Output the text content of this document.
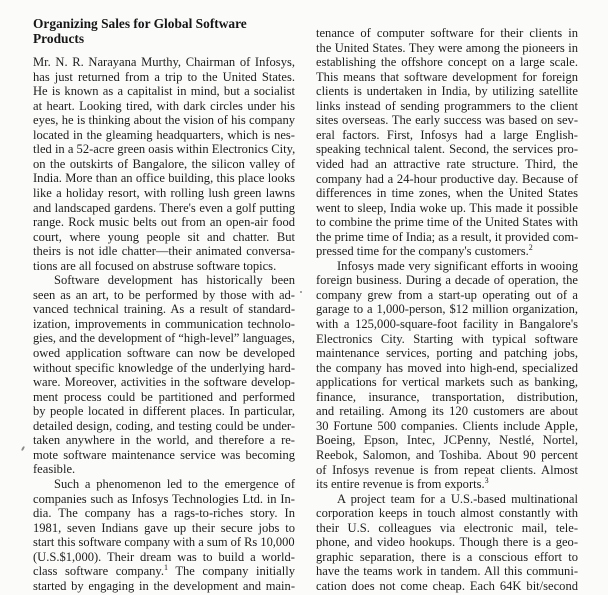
Organizing Sales for Global Software
Products
Mr. N. R. Narayana Murthy, Chairman of Infosys,
has just returned from a trip to the United States.
He is known as a capitalist in mind, but a socialist
at heart. Looking tired, with dark circles under his
eyes, he is thinking about the vision of his company
located in the gleaming headquarters, which is nes-
tled in a 52-acre green oasis within Electronics City,
on the outskirts of Bangalore, the silicon valley of
India. More than an office building, this place looks
like a holiday resort, with rolling lush green lawns
and landscaped gardens. There's even a golf putting
range. Rock music belts out from an open-air food
court, where young people sit and chatter. But
theirs is not idle chatter—their animated conversa-
tions are all focused on abstruse software topics.
Software development has historically been
seen as an art, to be performed by those with ad-
vanced technical training. As a result of standard-
ization, improvements in communication technolo-
gies, and the development of “high-level” languages,
owed application software can now be developed
without specific knowledge of the underlying hard-
ware. Moreover, activities in the software develop-
ment process could be partitioned and performed
by people located in different places. In particular,
detailed design, coding, and testing could be under-
taken anywhere in the world, and therefore a re-
mote software maintenance service was becoming
feasible.
Such a phenomenon led to the emergence of
companies such as Infosys Technologies Ltd. in In-
dia. The company has a rags-to-riches story. In
1981, seven Indians gave up their secure jobs to
start this software company with a sum of Rs 10,000
(U.S.$1,000). Their dream was to build a world-
class software company.$^1$ The company initially
started by engaging in the development and main-
tenance of computer software for their clients in
the United States. They were among the pioneers in
establishing the offshore concept on a large scale.
This means that software development for foreign
clients is undertaken in India, by utilizing satellite
links instead of sending programmers to the client
sites overseas. The early success was based on sev-
eral factors. First, Infosys had a large English-
speaking technical talent. Second, the services pro-
vided had an attractive rate structure. Third, the
company had a 24-hour productive day. Because of
differences in time zones, when the United States
went to sleep, India woke up. This made it possible
to combine the prime time of the United States with
the prime time of India; as a result, it provided com-
pressed time for the company's customers.$^2$
Infosys made very significant efforts in wooing
foreign business. During a decade of operation, the
company grew from a start-up operating out of a
garage to a 1,000-person, $12 million organization,
with a 125,000-square-foot facility in Bangalore's
Electronics City. Starting with typical software
maintenance services, porting and patching jobs,
the company has moved into high-end, specialized
applications for vertical markets such as banking,
finance, insurance, transportation, distribution,
and retailing. Among its 120 customers are about
30 Fortune 500 companies. Clients include Apple,
Boeing, Epson, Intec, JCPenny, Nestlé, Nortel,
Reebok, Salomon, and Toshiba. About 90 percent
of Infosys revenue is from repeat clients. Almost
its entire revenue is from exports.$^3$
A project team for a U.S.-based multinational
corporation keeps in touch almost constantly with
their U.S. colleagues via electronic mail, tele-
phone, and video hookups. Though there is a geo-
graphic separation, there is a conscious effort to
have the teams work in tandem. All this communi-
cation does not come cheap. Each 64K bit/second
